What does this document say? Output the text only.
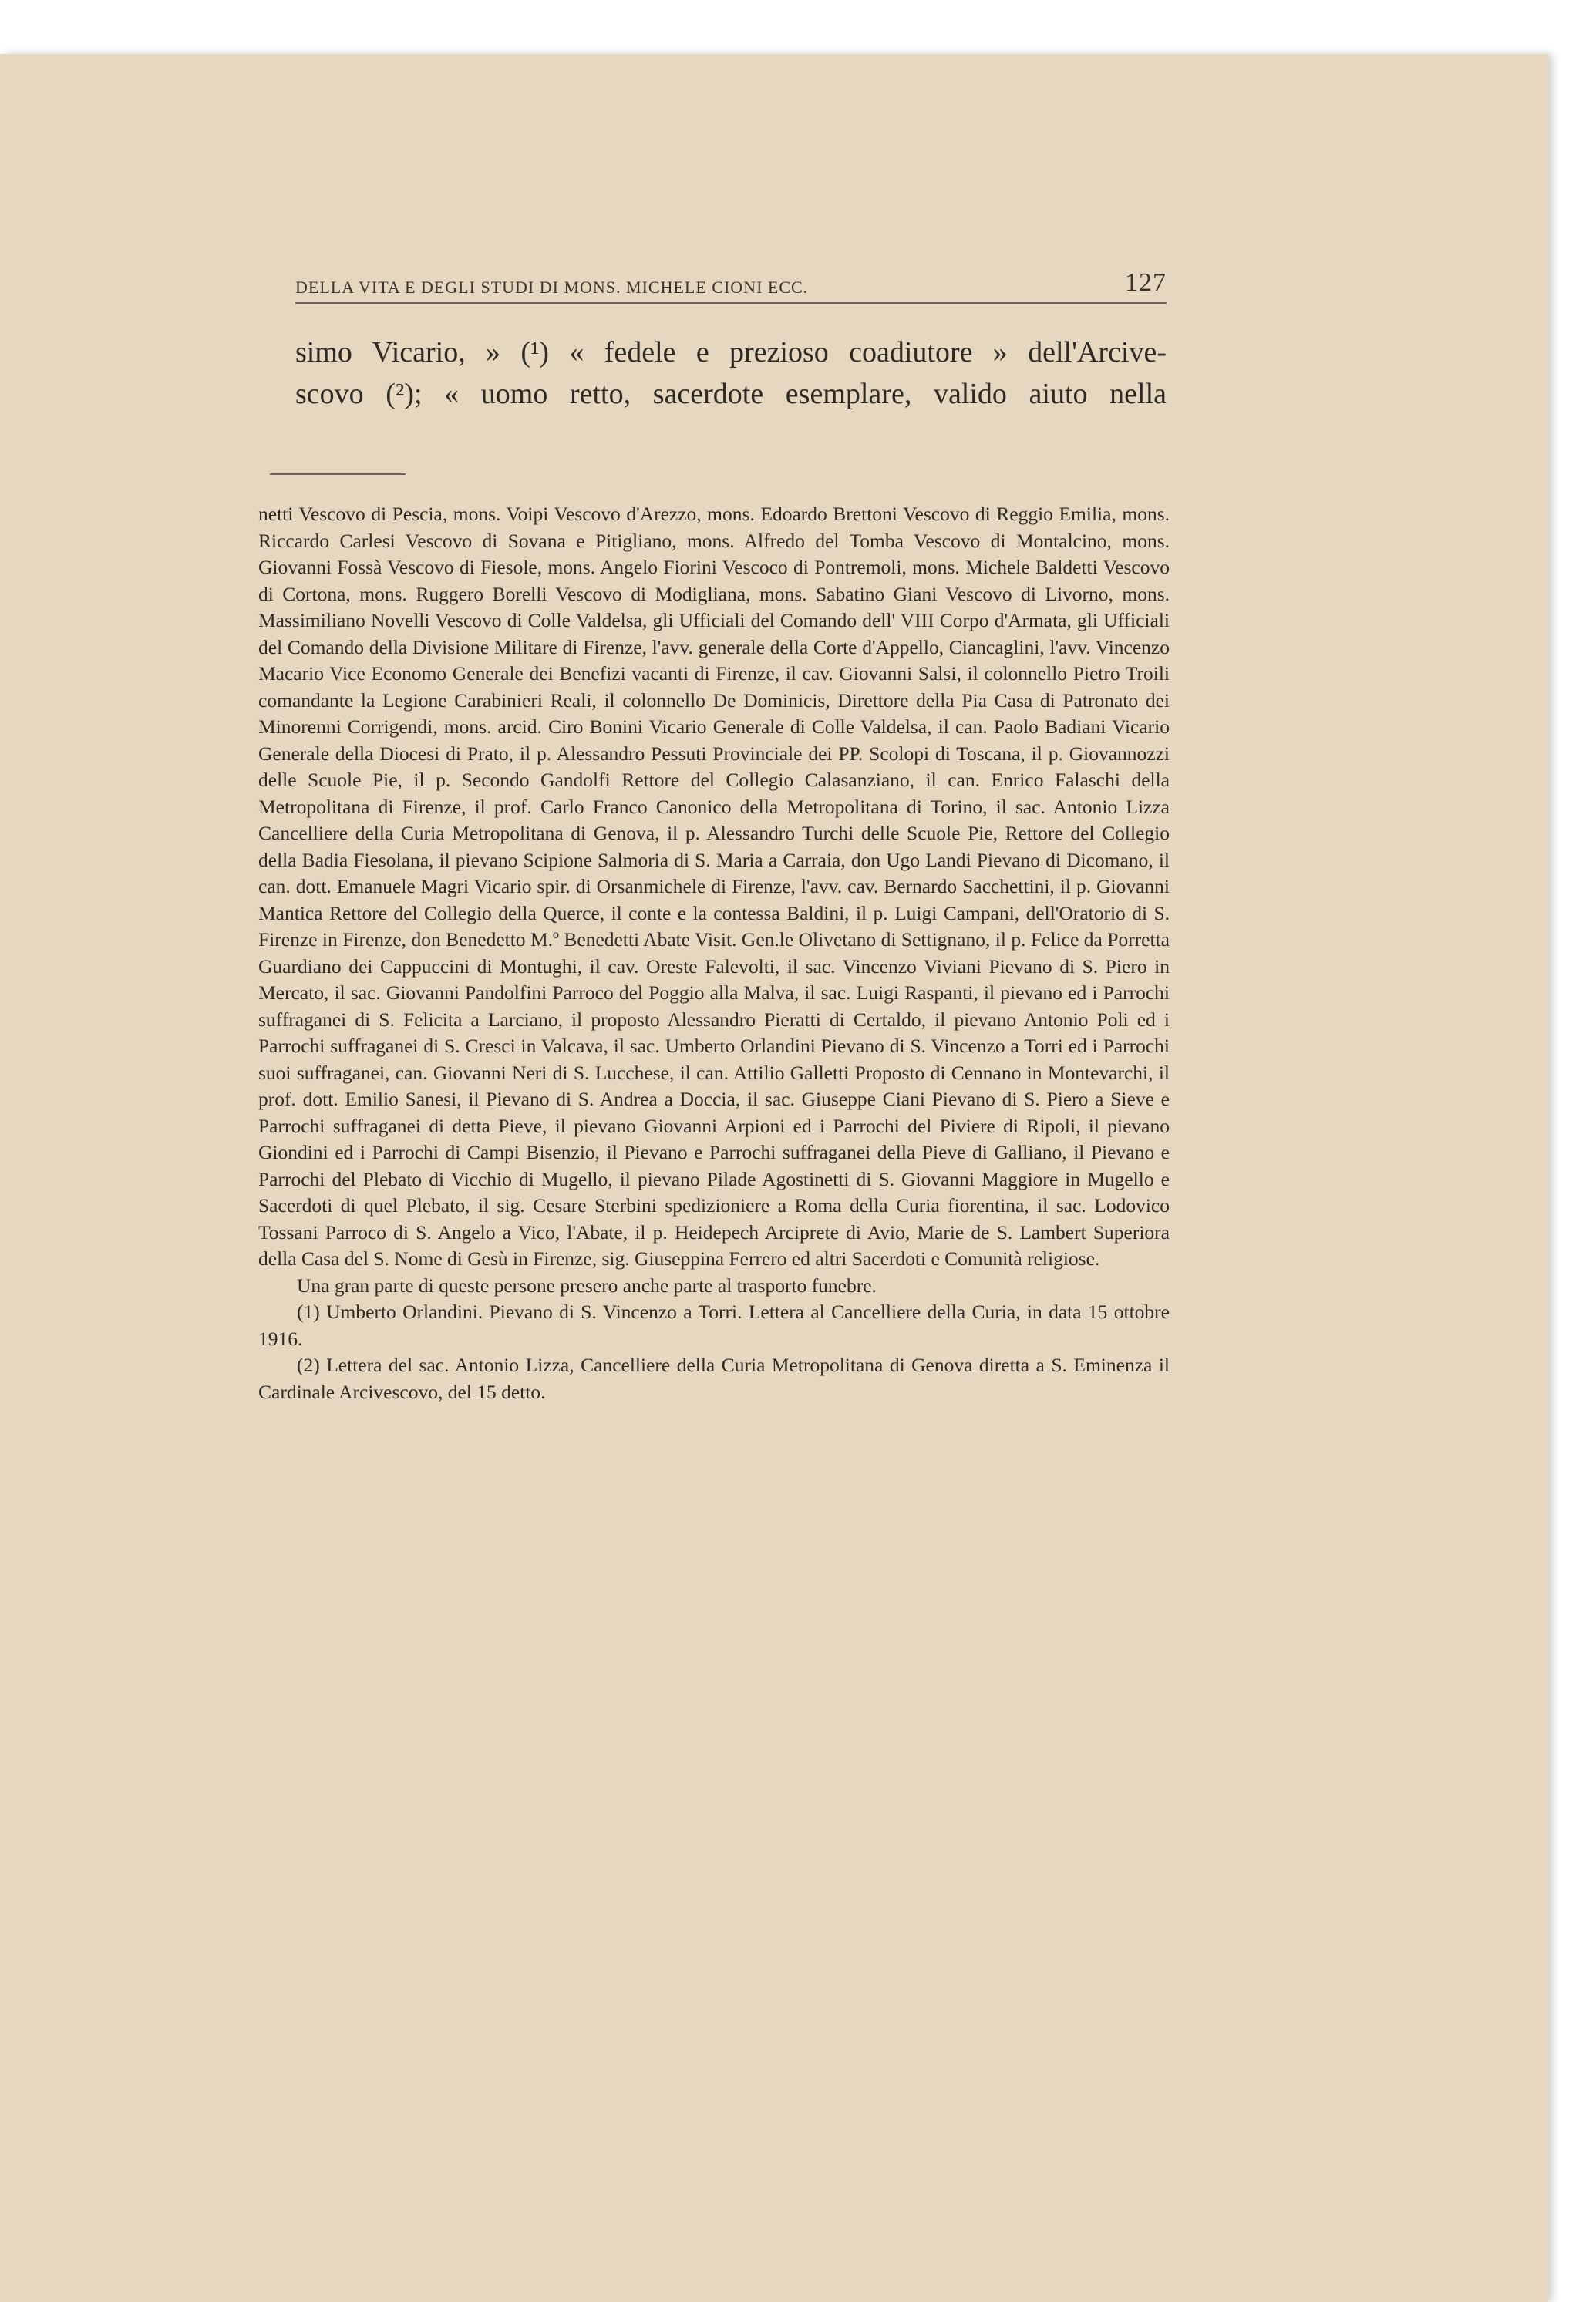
DELLA VITA E DEGLI STUDI DI MONS. MICHELE CIONI ECC.	127
simo Vicario, » (¹) « fedele e prezioso coadiutore » dell'Arcive-
scovo (²); « uomo retto, sacerdote esemplare, valido aiuto nella

netti Vescovo di Pescia, mons. Voipi Vescovo d'Arezzo, mons. Edoardo Brettoni Vescovo di Reggio Emilia, mons. Riccardo Carlesi Vescovo di Sovana e Pitigliano, mons. Alfredo del Tomba Vescovo di Montalcino, mons. Giovanni Fossà Vescovo di Fiesole, mons. Angelo Fiorini Vescoco di Pontremoli, mons. Michele Baldetti Vescovo di Cortona, mons. Ruggero Borelli Vescovo di Modigliana, mons. Sabatino Giani Vescovo di Livorno, mons. Massimiliano Novelli Vescovo di Colle Valdelsa, gli Ufficiali del Comando dell' VIII Corpo d'Armata, gli Ufficiali del Comando della Divisione Militare di Firenze, l'avv. generale della Corte d'Appello, Ciancaglini, l'avv. Vincenzo Macario Vice Economo Generale dei Benefizi vacanti di Firenze, il cav. Giovanni Salsi, il colonnello Pietro Troili comandante la Legione Carabinieri Reali, il colonnello De Dominicis, Direttore della Pia Casa di Patronato dei Minorenni Corrigendi, mons. arcid. Ciro Bonini Vicario Generale di Colle Valdelsa, il can. Paolo Badiani Vicario Generale della Diocesi di Prato, il p. Alessandro Pessuti Provinciale dei PP. Scolopi di Toscana, il p. Giovannozzi delle Scuole Pie, il p. Secondo Gandolfi Rettore del Collegio Calasanziano, il can. Enrico Falaschi della Metropolitana di Firenze, il prof. Carlo Franco Canonico della Metropolitana di Torino, il sac. Antonio Lizza Cancelliere della Curia Metropolitana di Genova, il p. Alessandro Turchi delle Scuole Pie, Rettore del Collegio della Badia Fiesolana, il pievano Scipione Salmoria di S. Maria a Carraia, don Ugo Landi Pievano di Dicomano, il can. dott. Emanuele Magri Vicario spir. di Orsanmichele di Firenze, l'avv. cav. Bernardo Sacchettini, il p. Giovanni Mantica Rettore del Collegio della Querce, il conte e la contessa Baldini, il p. Luigi Campani, dell'Oratorio di S. Firenze in Firenze, don Benedetto M.º Benedetti Abate Visit. Gen.le Olivetano di Settignano, il p. Felice da Porretta Guardiano dei Cappuccini di Montughi, il cav. Oreste Falevolti, il sac. Vincenzo Viviani Pievano di S. Piero in Mercato, il sac. Giovanni Pandolfini Parroco del Poggio alla Malva, il sac. Luigi Raspanti, il pievano ed i Parrochi suffraganei di S. Felicita a Larciano, il proposto Alessandro Pieratti di Certaldo, il pievano Antonio Poli ed i Parrochi suffraganei di S. Cresci in Valcava, il sac. Umberto Orlandini Pievano di S. Vincenzo a Torri ed i Parrochi suoi suffraganei, can. Giovanni Neri di S. Lucchese, il can. Attilio Galletti Proposto di Cennano in Montevarchi, il prof. dott. Emilio Sanesi, il Pievano di S. Andrea a Doccia, il sac. Giuseppe Ciani Pievano di S. Piero a Sieve e Parrochi suffraganei di detta Pieve, il pievano Giovanni Arpioni ed i Parrochi del Piviere di Ripoli, il pievano Giondini ed i Parrochi di Campi Bisenzio, il Pievano e Parrochi suffraganei della Pieve di Galliano, il Pievano e Parrochi del Plebato di Vicchio di Mugello, il pievano Pilade Agostinetti di S. Giovanni Maggiore in Mugello e Sacerdoti di quel Plebato, il sig. Cesare Sterbini spedizioniere a Roma della Curia fiorentina, il sac. Lodovico Tossani Parroco di S. Angelo a Vico, l'Abate, il p. Heidepech Arciprete di Avio, Marie de S. Lambert Superiora della Casa del S. Nome di Gesù in Firenze, sig. Giuseppina Ferrero ed altri Sacerdoti e Comunità religiose.

Una gran parte di queste persone presero anche parte al trasporto funebre.

(1) Umberto Orlandini. Pievano di S. Vincenzo a Torri. Lettera al Cancelliere della Curia, in data 15 ottobre 1916.

(2) Lettera del sac. Antonio Lizza, Cancelliere della Curia Metropolitana di Genova diretta a S. Eminenza il Cardinale Arcivescovo, del 15 detto.
